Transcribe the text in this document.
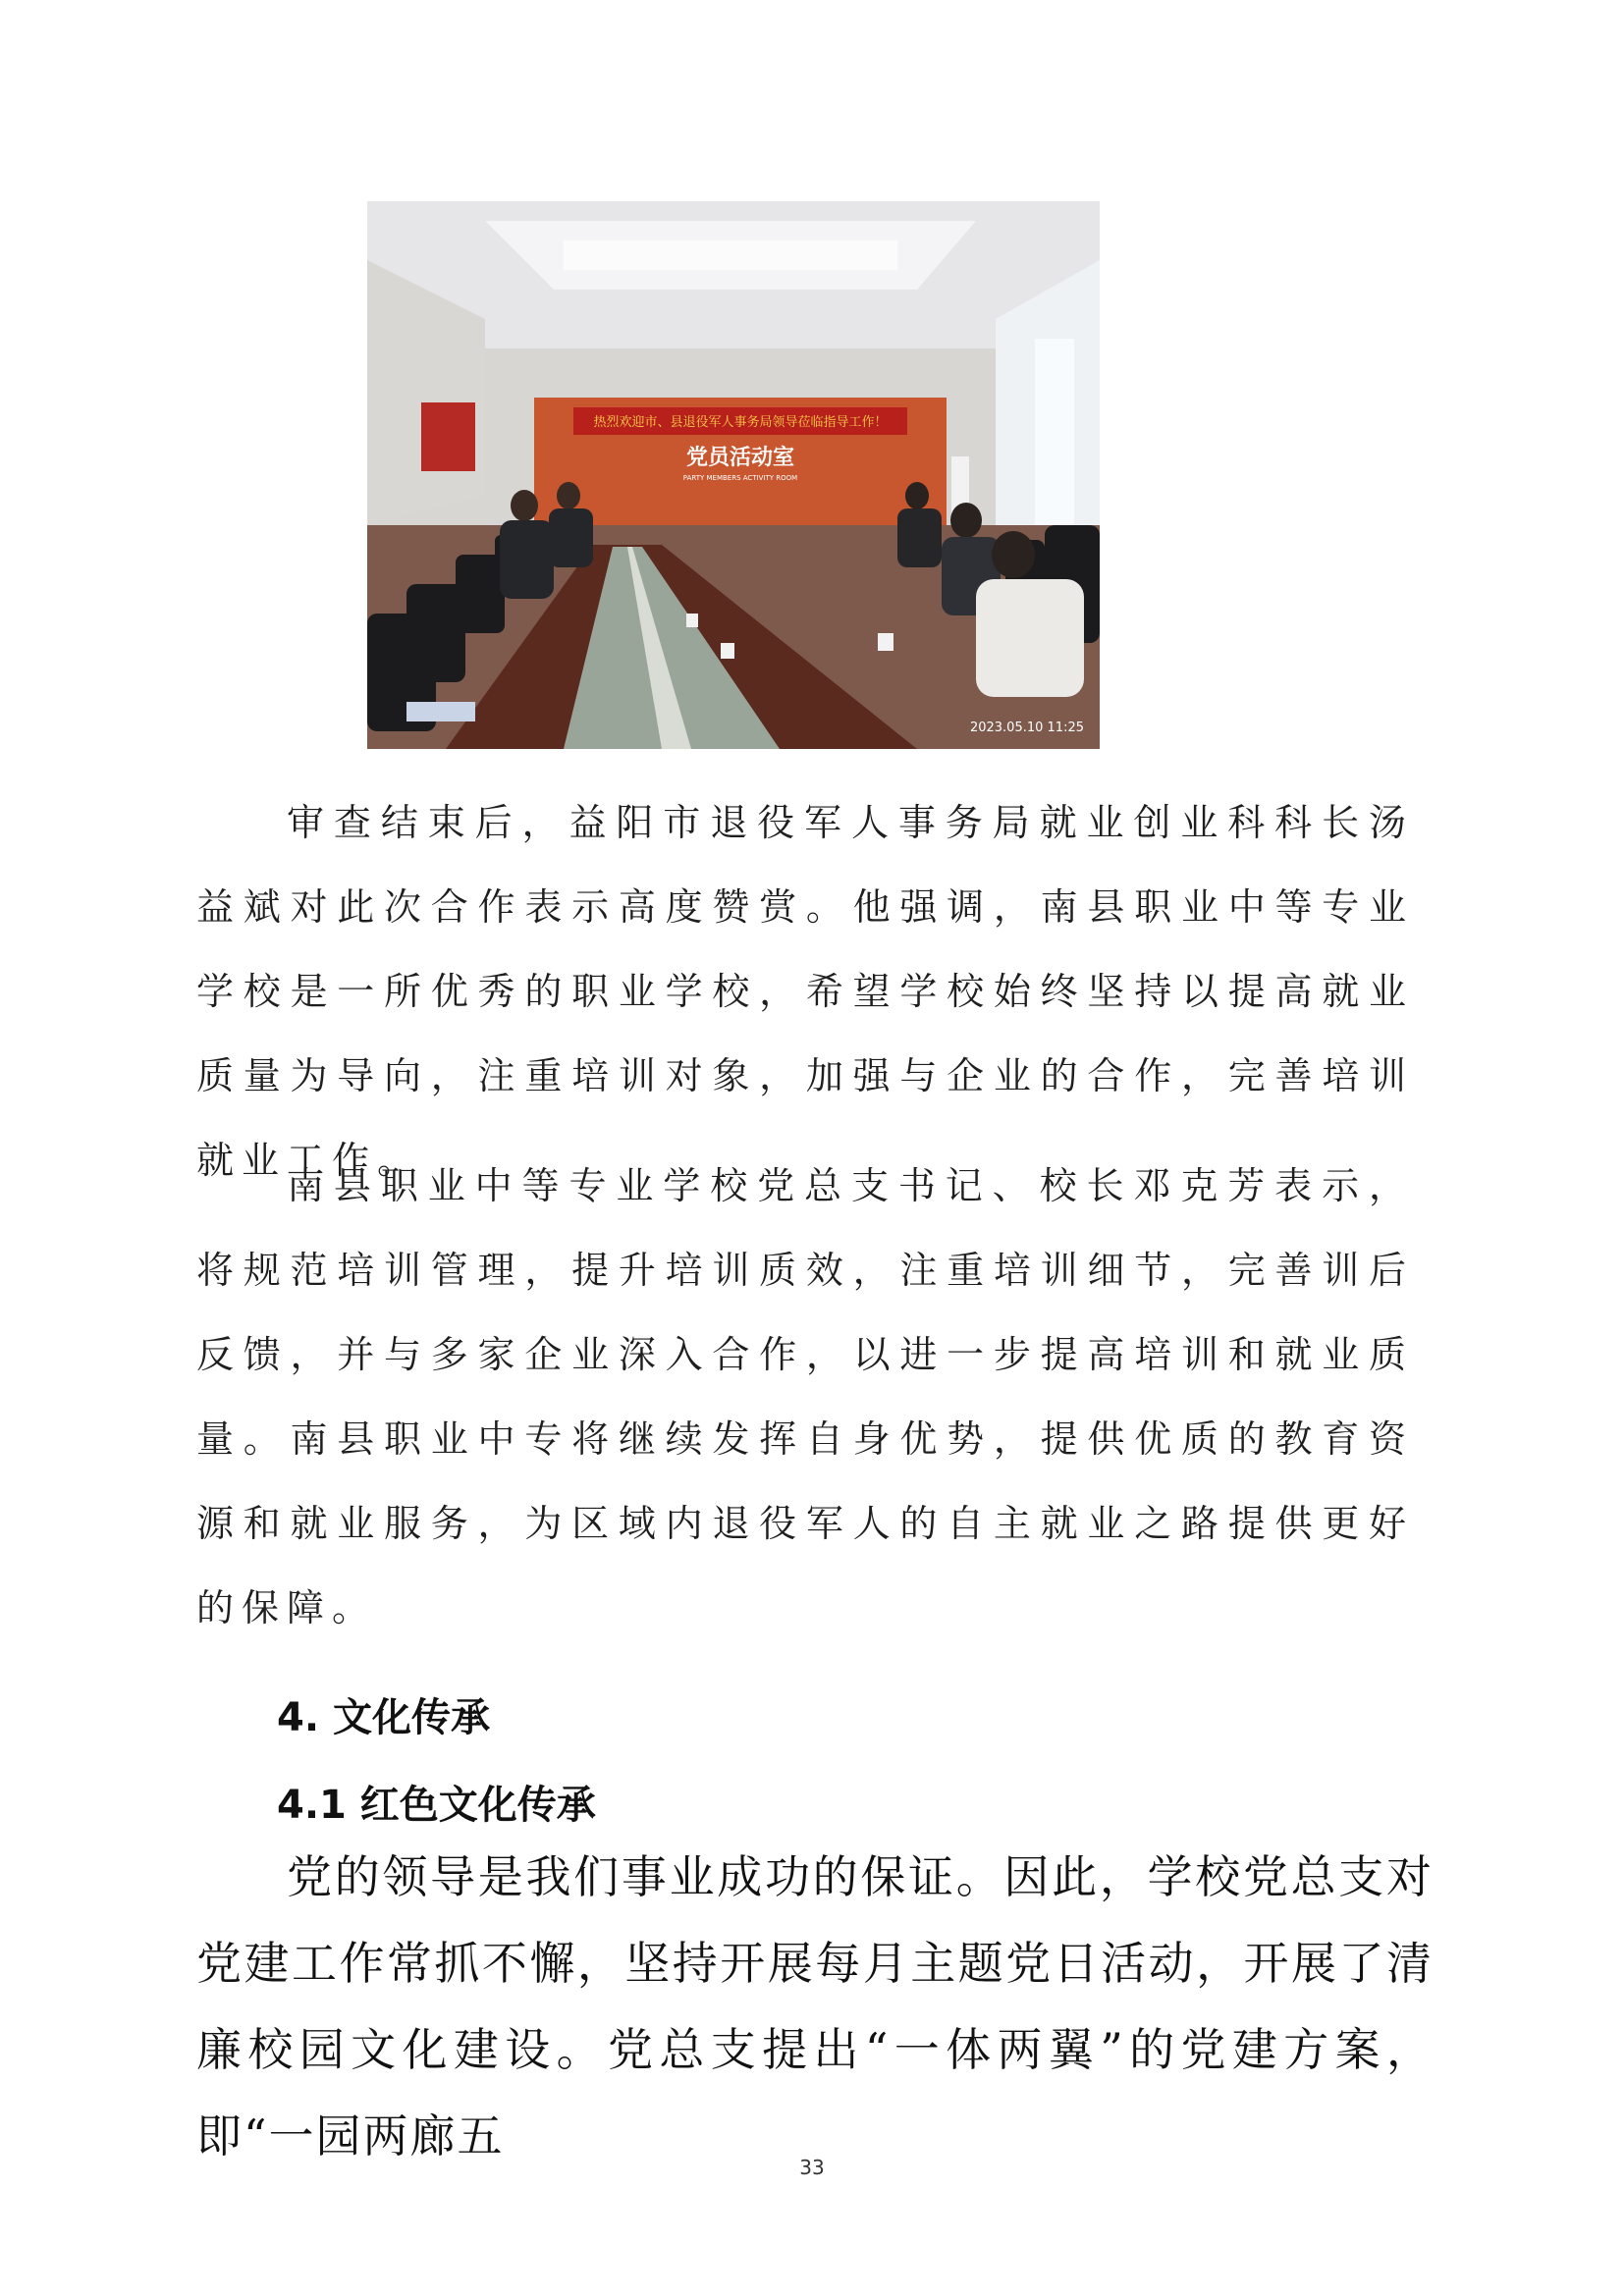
热烈欢迎市、县退役军人事务局领导莅临指导工作！
党员活动室
PARTY MEMBERS ACTIVITY ROOM
2023.05.10 11:25

审查结束后，益阳市退役军人事务局就业创业科科长汤益斌对此次合作表示高度赞赏。他强调，南县职业中等专业学校是一所优秀的职业学校，希望学校始终坚持以提高就业质量为导向，注重培训对象，加强与企业的合作，完善培训就业工作。

南县职业中等专业学校党总支书记、校长邓克芳表示，将规范培训管理，提升培训质效，注重培训细节，完善训后反馈，并与多家企业深入合作，以进一步提高培训和就业质量。南县职业中专将继续发挥自身优势，提供优质的教育资源和就业服务，为区域内退役军人的自主就业之路提供更好的保障。

4. 文化传承
4.1 红色文化传承

党的领导是我们事业成功的保证。因此，学校党总支对党建工作常抓不懈，坚持开展每月主题党日活动，开展了清廉校园文化建设。党总支提出“一体两翼”的党建方案，即“一园两廊五

33
